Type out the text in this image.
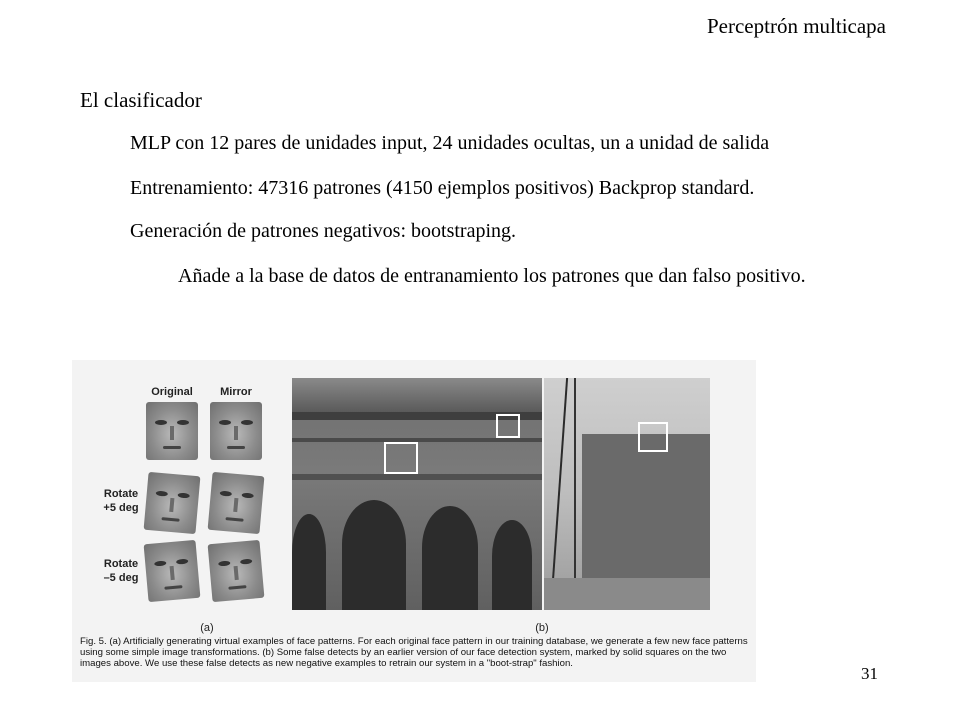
Perceptrón multicapa
El clasificador
MLP con 12 pares de unidades input, 24 unidades ocultas, un a unidad de salida
Entrenamiento: 47316 patrones (4150 ejemplos positivos) Backprop standard.
Generación de patrones negativos: bootstraping.
Añade a la base de datos de entranamiento los patrones que dan falso positivo.
Original	Mirror
Rotate
+5 deg
Rotate
–5 deg
(a)	(b)
Fig. 5. (a) Artificially generating virtual examples of face patterns. For each original face pattern in our training database, we generate a few new face patterns using some simple image transformations. (b) Some false detects by an earlier version of our face detection system, marked by solid squares on the two images above. We use these false detects as new negative examples to retrain our system in a "boot-strap" fashion.
31
